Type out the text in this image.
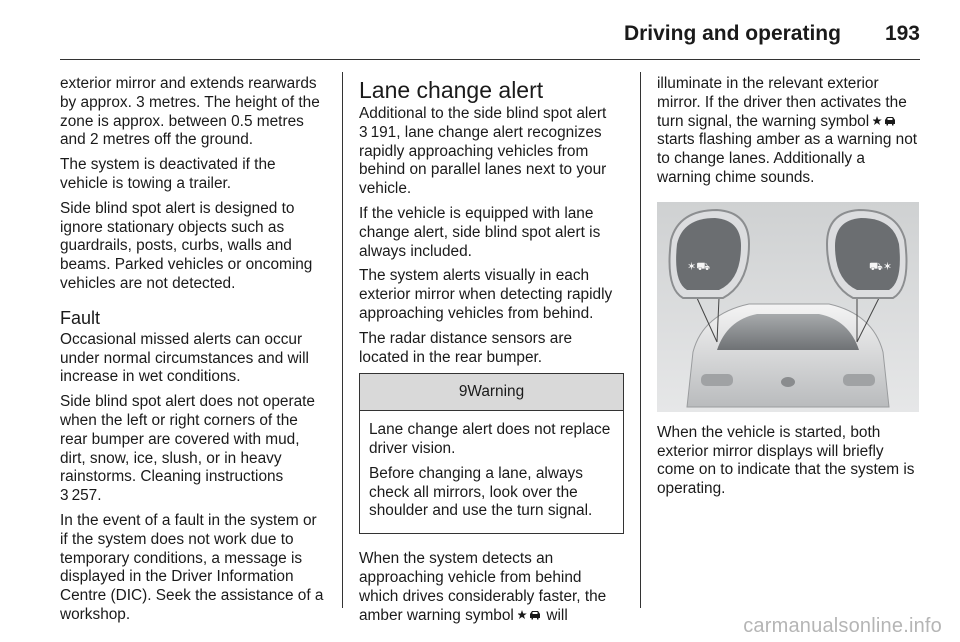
Driving and operating 193

exterior mirror and extends rearwards by approx. 3 metres. The height of the zone is approx. between 0.5 metres and 2 metres off the ground.

The system is deactivated if the vehicle is towing a trailer.

Side blind spot alert is designed to ignore stationary objects such as guardrails, posts, curbs, walls and beams. Parked vehicles or oncoming vehicles are not detected.

Fault

Occasional missed alerts can occur under normal circumstances and will increase in wet conditions.

Side blind spot alert does not operate when the left or right corners of the rear bumper are covered with mud, dirt, snow, ice, slush, or in heavy rainstorms. Cleaning instructions
3 257.

In the event of a fault in the system or if the system does not work due to temporary conditions, a message is displayed in the Driver Information Centre (DIC). Seek the assistance of a workshop.

Lane change alert

Additional to the side blind spot alert
3 191, lane change alert recognizes rapidly approaching vehicles from behind on parallel lanes next to your vehicle.

If the vehicle is equipped with lane change alert, side blind spot alert is always included.

The system alerts visually in each exterior mirror when detecting rapidly approaching vehicles from behind.

The radar distance sensors are located in the rear bumper.

9Warning

Lane change alert does not replace driver vision.

Before changing a lane, always check all mirrors, look over the shoulder and use the turn signal.

When the system detects an approaching vehicle from behind which drives considerably faster, the amber warning symbol will

illuminate in the relevant exterior mirror. If the driver then activates the turn signal, the warning symbol  starts flashing amber as a warning not to change lanes. Additionally a warning chime sounds.

✶⛟	⛟✶

When the vehicle is started, both exterior mirror displays will briefly come on to indicate that the system is operating.

carmanualsonline.info
